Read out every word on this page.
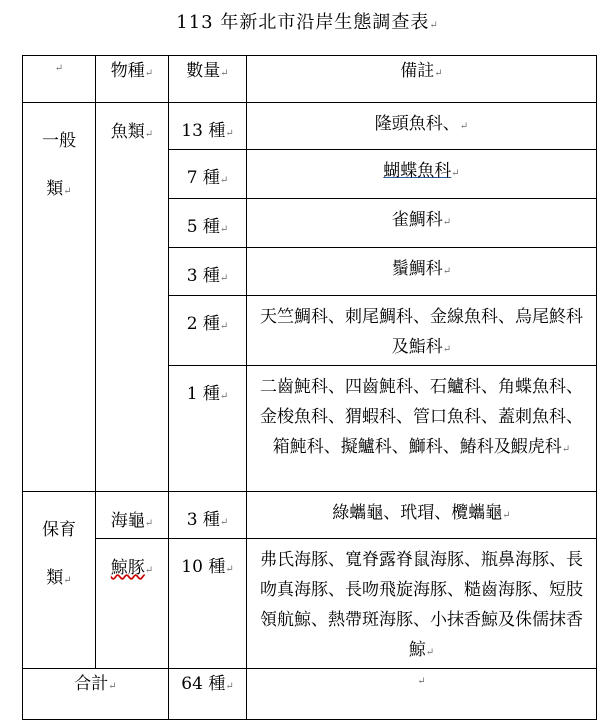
113 年新北市沿岸生態調查表↵
↵	物種↵	數量↵	備註↵
一般
類↵	魚類↵	13 種↵	隆頭魚科、↵
		7 種↵	蝴蝶魚科↵
		5 種↵	雀鯛科↵
		3 種↵	鬚鯛科↵
		2 種↵	天竺鯛科、刺尾鯛科、金線魚科、烏尾鮗科及鮨科↵
		1 種↵	二齒魨科、四齒魨科、石鱸科、角蝶魚科、金梭魚科、猬蝦科、管口魚科、蓋刺魚科、箱魨科、擬鱸科、鰤科、鰆科及鰕虎科↵
保育
類↵	海龜↵	3 種↵	綠蠵龜、玳瑁、欖蠵龜↵
	鯨豚↵	10 種↵	弗氏海豚、寬脊露脊鼠海豚、瓶鼻海豚、長吻真海豚、長吻飛旋海豚、糙齒海豚、短肢領航鯨、熱帶斑海豚、小抹香鯨及侏儒抹香鯨↵
合計↵		64 種↵	↵
